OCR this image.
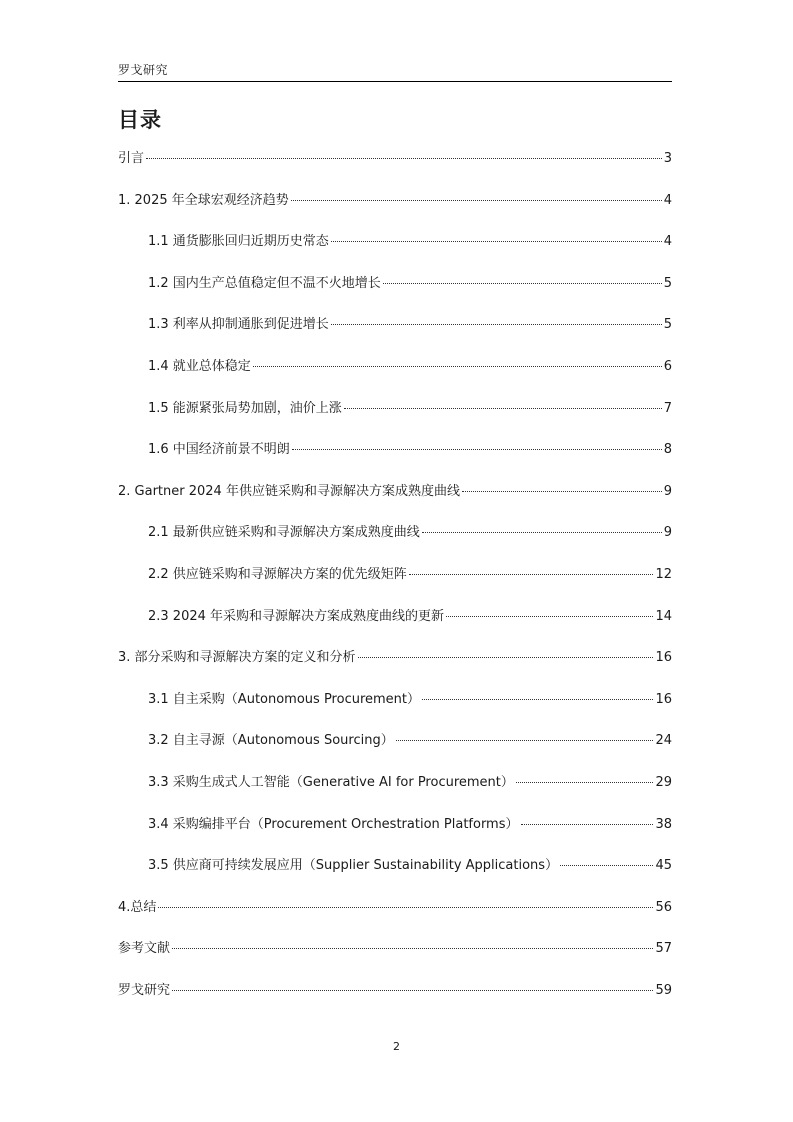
罗戈研究
目录
引言	3
1. 2025 年全球宏观经济趋势	4
1.1 通货膨胀回归近期历史常态	4
1.2 国内生产总值稳定但不温不火地增长	5
1.3 利率从抑制通胀到促进增长	5
1.4 就业总体稳定	6
1.5 能源紧张局势加剧，油价上涨	7
1.6 中国经济前景不明朗	8
2. Gartner 2024 年供应链采购和寻源解决方案成熟度曲线	9
2.1 最新供应链采购和寻源解决方案成熟度曲线	9
2.2 供应链采购和寻源解决方案的优先级矩阵	12
2.3 2024 年采购和寻源解决方案成熟度曲线的更新	14
3. 部分采购和寻源解决方案的定义和分析	16
3.1 自主采购（Autonomous Procurement）	16
3.2 自主寻源（Autonomous Sourcing）	24
3.3 采购生成式人工智能（Generative AI for Procurement）	29
3.4 采购编排平台（Procurement Orchestration Platforms）	38
3.5 供应商可持续发展应用（Supplier Sustainability Applications）	45
4.总结	56
参考文献	57
罗戈研究	59
2
